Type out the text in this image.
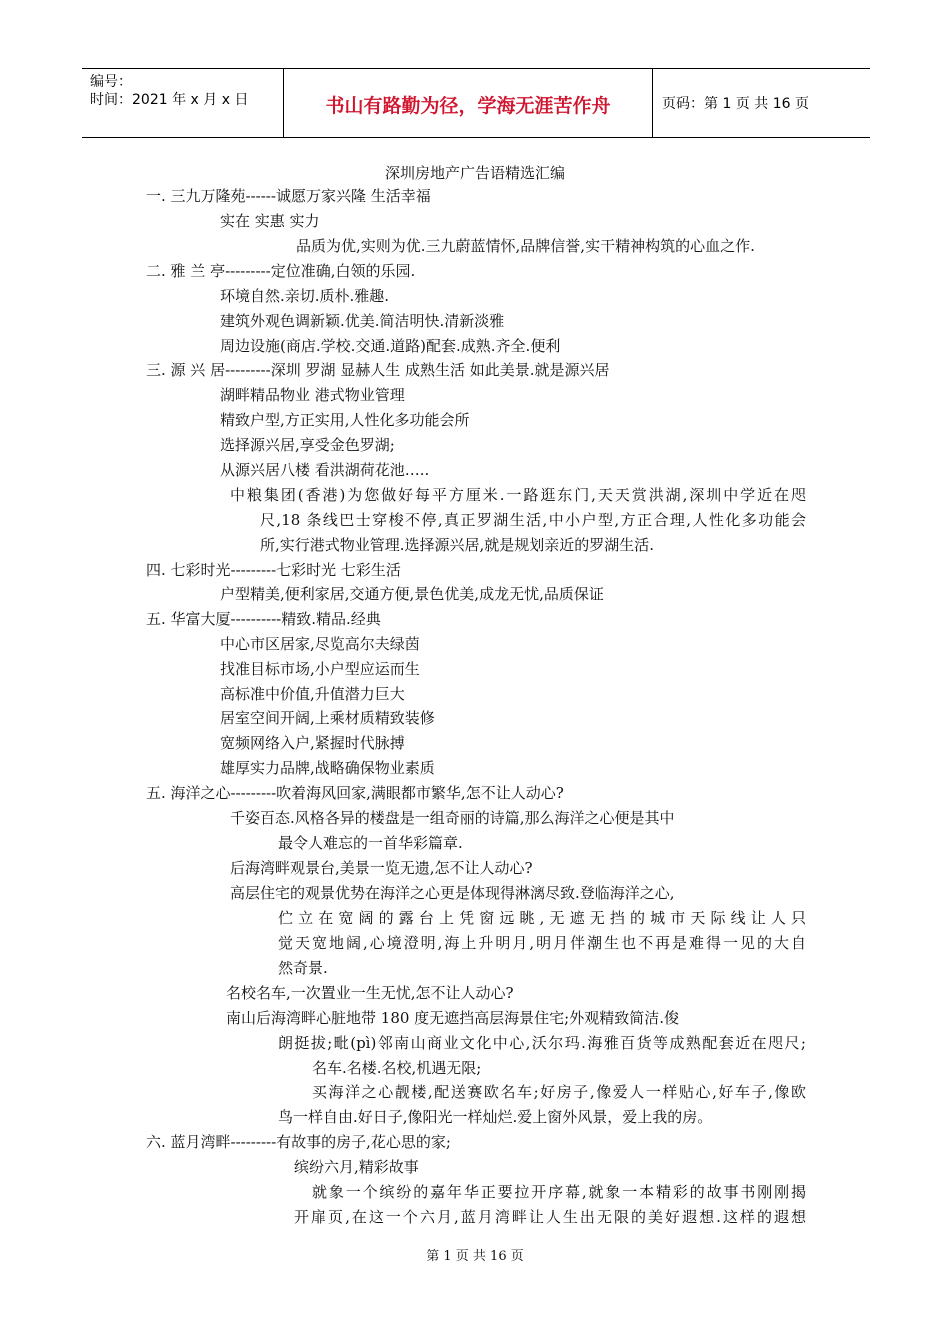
编号：
时间：2021 年 x 月 x 日	书山有路勤为径，学海无涯苦作舟	页码：第 1 页 共 16 页
深圳房地产广告语精选汇编
一. 三九万隆苑------诚愿万家兴隆 生活幸福
实在 实惠 实力
品质为优,实则为优.三九蔚蓝情怀,品牌信誉,实干精神构筑的心血之作.
二. 雅 兰 亭---------定位准确,白领的乐园.
环境自然.亲切.质朴.雅趣.
建筑外观色调新颖.优美.简洁明快.清新淡雅
周边设施(商店.学校.交通.道路)配套.成熟.齐全.便利
三. 源 兴 居---------深圳 罗湖 显赫人生 成熟生活 如此美景.就是源兴居
湖畔精品物业 港式物业管理
精致户型,方正实用,人性化多功能会所
选择源兴居,享受金色罗湖;
从源兴居八楼 看洪湖荷花池…..
中粮集团(香港)为您做好每平方厘米.一路逛东门,天天赏洪湖,深圳中学近在咫
尺,18 条线巴士穿梭不停,真正罗湖生活,中小户型,方正合理,人性化多功能会
所,实行港式物业管理.选择源兴居,就是规划亲近的罗湖生活.
四. 七彩时光---------七彩时光 七彩生活
户型精美,便利家居,交通方便,景色优美,成龙无忧,品质保证
五. 华富大厦----------精致.精品.经典
中心市区居家,尽览高尔夫绿茵
找准目标市场,小户型应运而生
高标准中价值,升值潜力巨大
居室空间开阔,上乘材质精致装修
宽频网络入户,紧握时代脉搏
雄厚实力品牌,战略确保物业素质
五. 海洋之心---------吹着海风回家,满眼都市繁华,怎不让人动心?
千姿百态.风格各异的楼盘是一组奇丽的诗篇,那么海洋之心便是其中
最令人难忘的一首华彩篇章.
后海湾畔观景台,美景一览无遗,怎不让人动心?
高层住宅的观景优势在海洋之心更是体现得淋漓尽致.登临海洋之心,
伫立在宽阔的露台上凭窗远眺,无遮无挡的城市天际线让人只
觉天宽地阔,心境澄明,海上升明月,明月伴潮生也不再是难得一见的大自
然奇景.
名校名车,一次置业一生无忧,怎不让人动心?
南山后海湾畔心脏地带 180 度无遮挡高层海景住宅;外观精致简洁.俊
朗挺拔;毗(pì)邻南山商业文化中心,沃尔玛.海雅百货等成熟配套近在咫尺;
名车.名楼.名校,机遇无限;
买海洋之心靓楼,配送赛欧名车;好房子,像爱人一样贴心,好车子,像欧
鸟一样自由.好日子,像阳光一样灿烂.爱上窗外风景，爱上我的房。
六. 蓝月湾畔---------有故事的房子,花心思的家;
缤纷六月,精彩故事
就象一个缤纷的嘉年华正要拉开序幕,就象一本精彩的故事书刚刚揭
开扉页,在这一个六月,蓝月湾畔让人生出无限的美好遐想.这样的遐想
第 1 页 共 16 页
